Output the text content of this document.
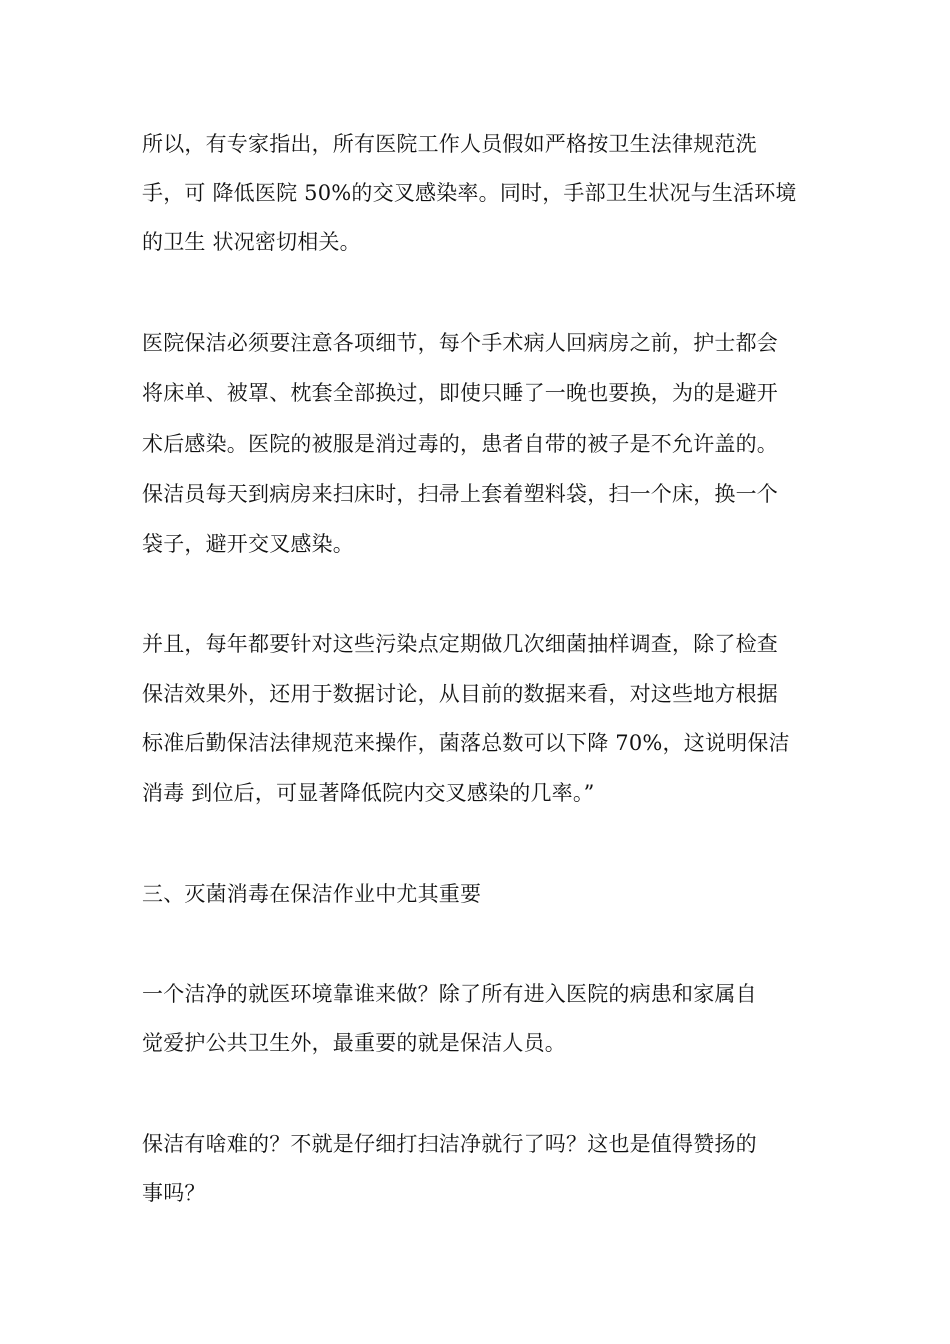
所以，有专家指出，所有医院工作人员假如严格按卫生法律规范洗
手，可 降低医院 50%的交叉感染率。同时，手部卫生状况与生活环境
的卫生 状况密切相关。
医院保洁必须要注意各项细节，每个手术病人回病房之前，护士都会
将床单、被罩、枕套全部换过，即使只睡了一晚也要换，为的是避开
术后感染。医院的被服是消过毒的，患者自带的被子是不允许盖的。
保洁员每天到病房来扫床时，扫帚上套着塑料袋，扫一个床，换一个
袋子，避开交叉感染。
并且，每年都要针对这些污染点定期做几次细菌抽样调查，除了检查
保洁效果外，还用于数据讨论，从目前的数据来看，对这些地方根据
标准后勤保洁法律规范来操作，菌落总数可以下降 70%，这说明保洁
消毒 到位后，可显著降低院内交叉感染的几率。”
三、灭菌消毒在保洁作业中尤其重要
一个洁净的就医环境靠谁来做？除了所有进入医院的病患和家属自
觉爱护公共卫生外，最重要的就是保洁人员。
保洁有啥难的？不就是仔细打扫洁净就行了吗？这也是值得赞扬的
事吗？
